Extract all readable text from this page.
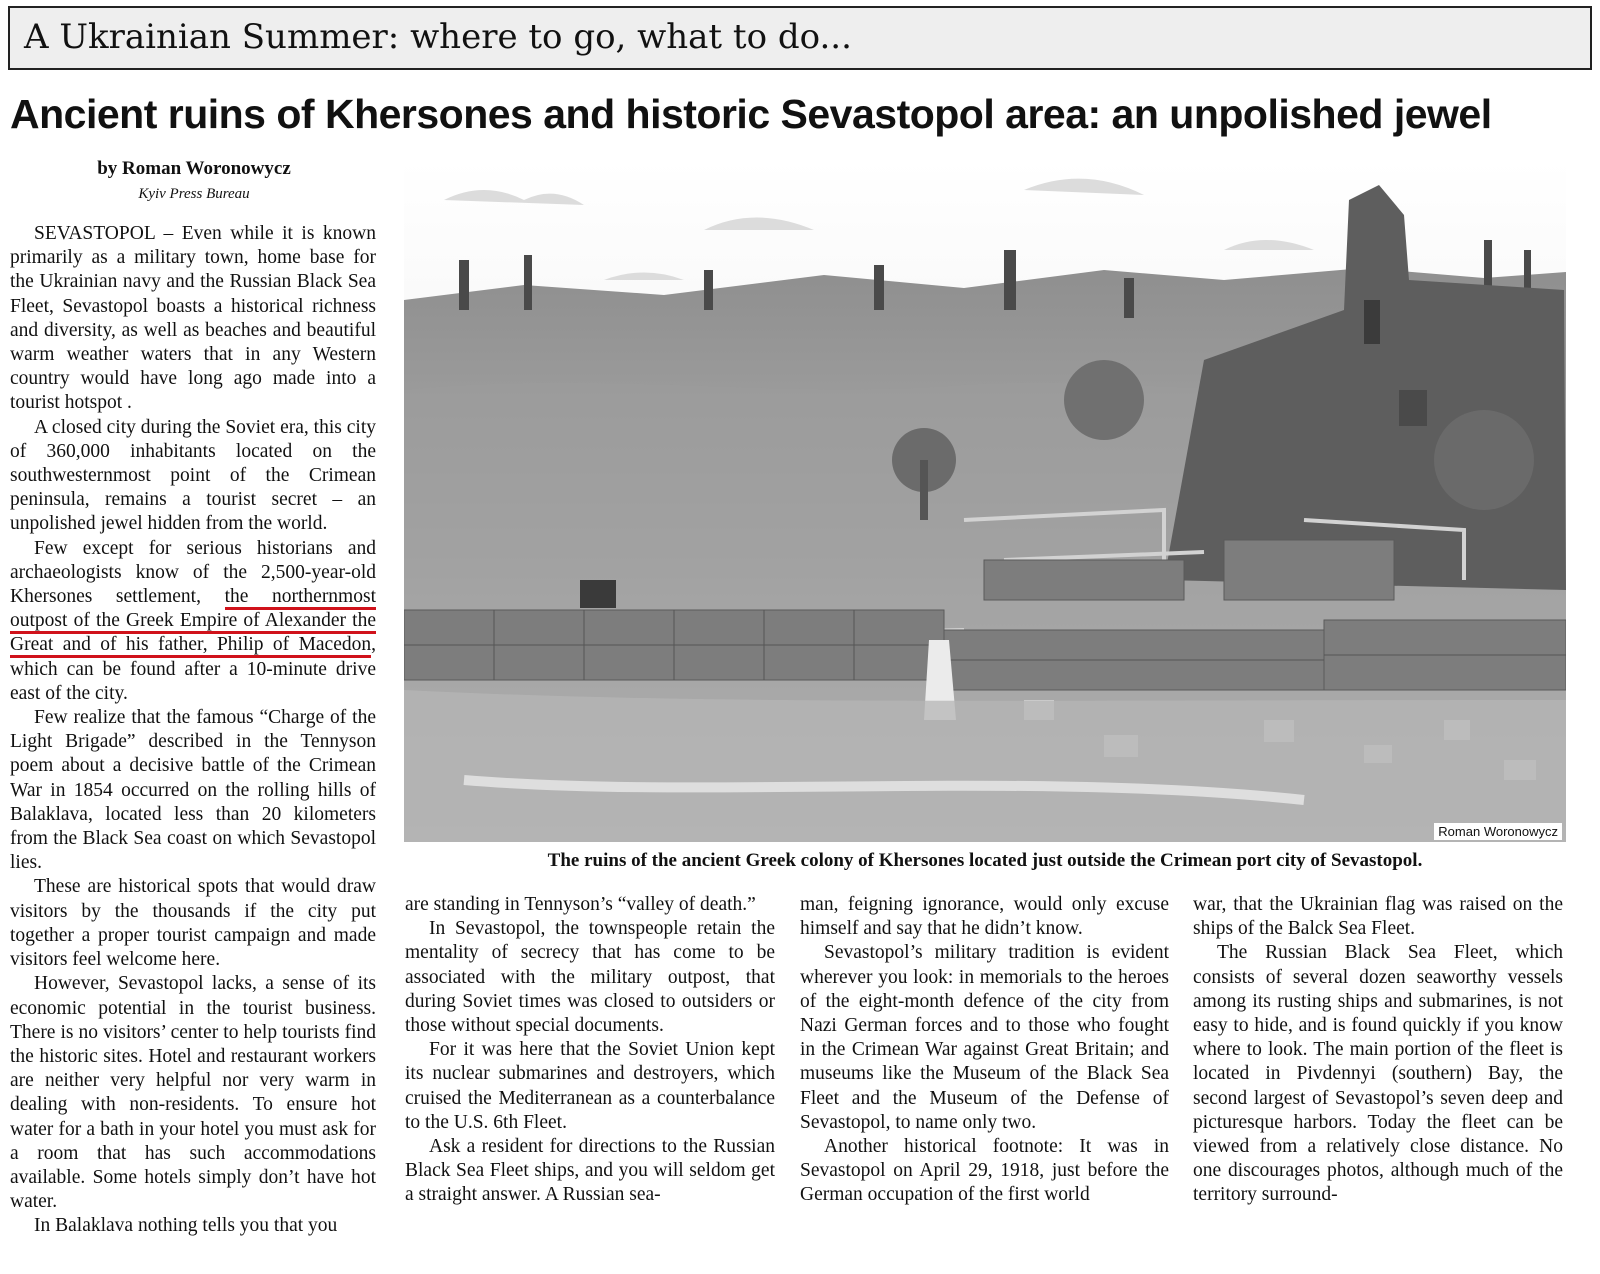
A Ukrainian Summer: where to go, what to do...
Ancient ruins of Khersones and historic Sevastopol area: an unpolished jewel
by Roman Woronowycz
Kyiv Press Bureau
Roman Woronowycz
The ruins of the ancient Greek colony of Khersones located just outside the Crimean port city of Sevastopol.

SEVASTOPOL – Even while it is known primarily as a military town, home base for the Ukrainian navy and the Russian Black Sea Fleet, Sevastopol boasts a historical richness and diversity, as well as beaches and beautiful warm weather waters that in any Western country would have long ago made into a tourist hotspot .

A closed city during the Soviet era, this city of 360,000 inhabitants located on the southwesternmost point of the Crimean peninsula, remains a tourist secret – an unpolished jewel hidden from the world.

Few except for serious historians and archaeologists know of the 2,500-year-old Khersones settlement, the northernmost outpost of the Greek Empire of Alexander the Great and of his father, Philip of Macedon, which can be found after a 10-minute drive east of the city.

Few realize that the famous “Charge of the Light Brigade” described in the Tennyson poem about a decisive battle of the Crimean War in 1854 occurred on the rolling hills of Balaklava, located less than 20 kilometers from the Black Sea coast on which Sevastopol lies.

These are historical spots that would draw visitors by the thousands if the city put together a proper tourist campaign and made visitors feel welcome here.

However, Sevastopol lacks, a sense of its economic potential in the tourist business. There is no visitors’ center to help tourists find the historic sites. Hotel and restaurant workers are neither very helpful nor very warm in dealing with non-residents. To ensure hot water for a bath in your hotel you must ask for a room that has such accommodations available. Some hotels simply don’t have hot water.

In Balaklava nothing tells you that you

are standing in Tennyson’s “valley of death.”

In Sevastopol, the townspeople retain the mentality of secrecy that has come to be associated with the military outpost, that during Soviet times was closed to outsiders or those without special documents.

For it was here that the Soviet Union kept its nuclear submarines and destroyers, which cruised the Mediterranean as a counterbalance to the U.S. 6th Fleet.

Ask a resident for directions to the Russian Black Sea Fleet ships, and you will seldom get a straight answer. A Russian sea-

man, feigning ignorance, would only excuse himself and say that he didn’t know.

Sevastopol’s military tradition is evident wherever you look: in memorials to the heroes of the eight-month defence of the city from Nazi German forces and to those who fought in the Crimean War against Great Britain; and museums like the Museum of the Black Sea Fleet and the Museum of the Defense of Sevastopol, to name only two.

Another historical footnote: It was in Sevastopol on April 29, 1918, just before the German occupation of the first world

war, that the Ukrainian flag was raised on the ships of the Balck Sea Fleet.

The Russian Black Sea Fleet, which consists of several dozen seaworthy vessels among its rusting ships and submarines, is not easy to hide, and is found quickly if you know where to look. The main portion of the fleet is located in Pivdennyi (southern) Bay, the second largest of Sevastopol’s seven deep and picturesque harbors. Today the fleet can be viewed from a relatively close distance. No one discourages photos, although much of the territory surround-
